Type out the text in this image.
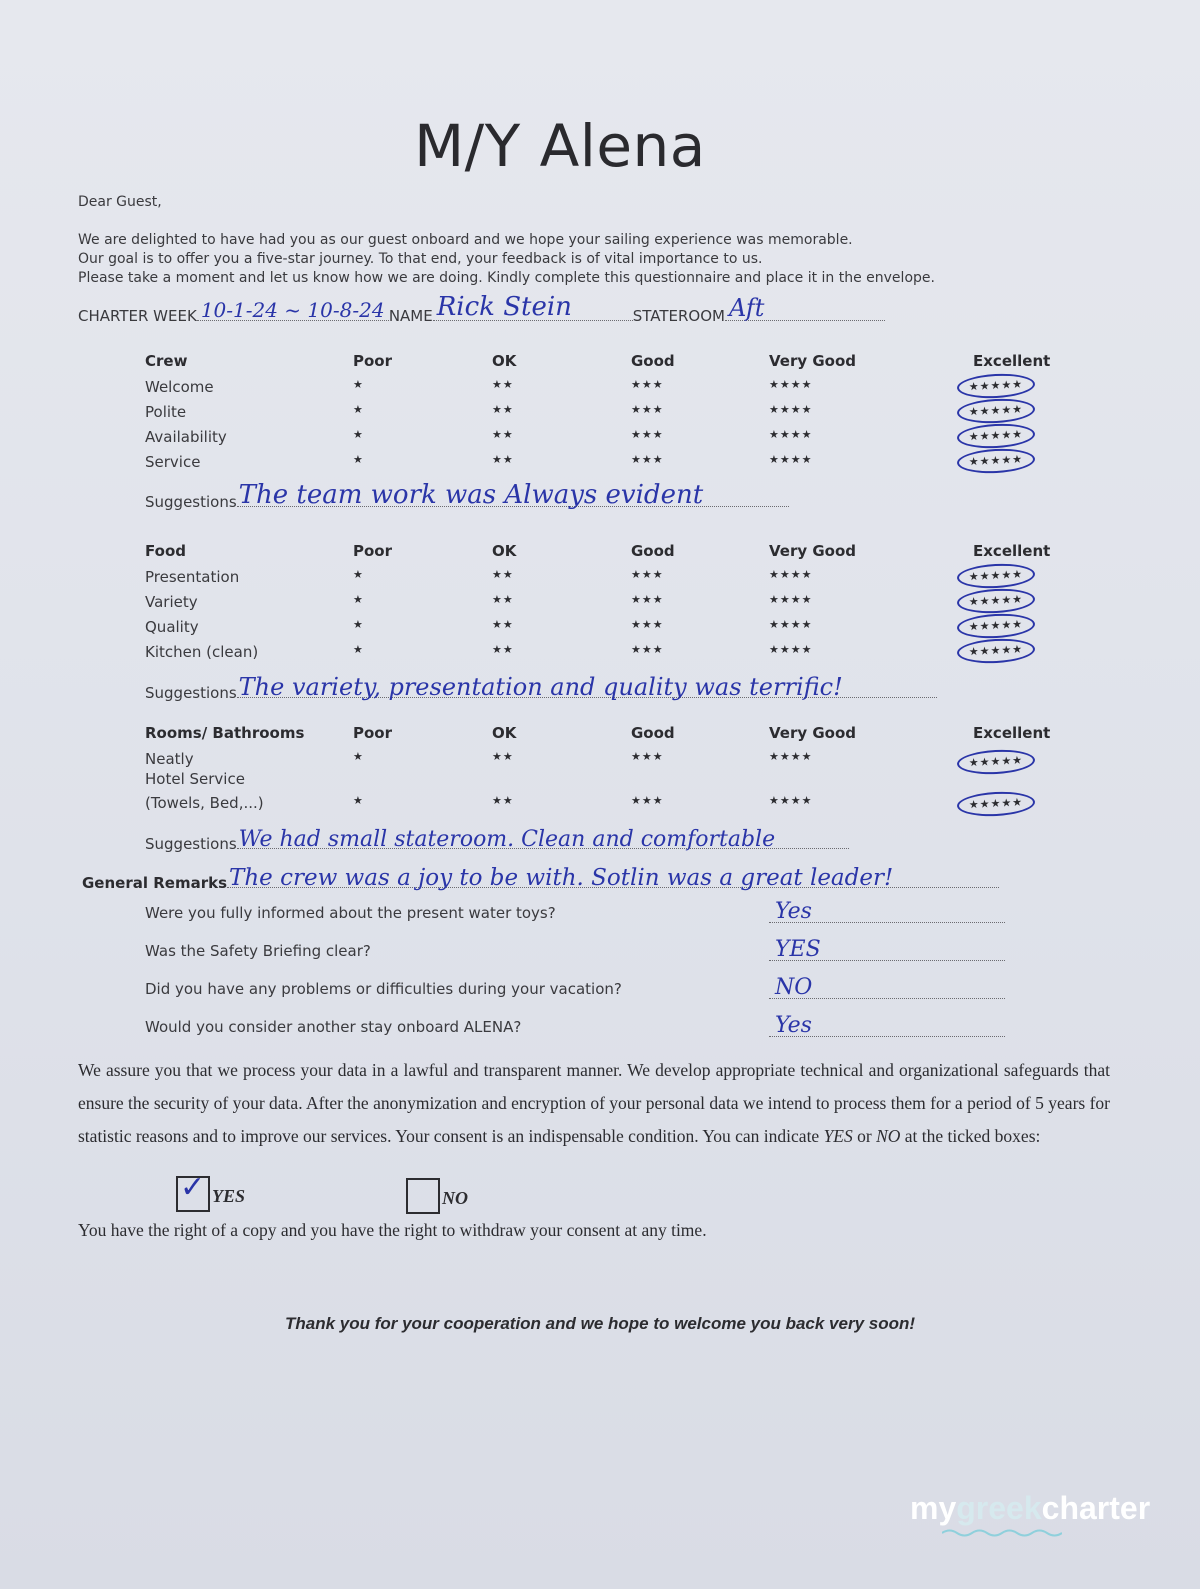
M/Y Alena
Dear Guest,
We are delighted to have had you as our guest onboard and we hope your sailing experience was memorable.
Our goal is to offer you a five-star journey. To that end, your feedback is of vital importance to us.
Please take a moment and let us know how we are doing. Kindly complete this questionnaire and place it in the envelope.
CHARTER WEEK 10-1-24 ~ 10-8-24 NAME Rick Stein	STATEROOM Aft
Crew	Poor	OK	Good	Very Good	Excellent
Welcome	★	★★	★★★	★★★★	★★★★★
Polite	★	★★	★★★	★★★★	★★★★★
Availability	★	★★	★★★	★★★★	★★★★★
Service	★	★★	★★★	★★★★	★★★★★
Suggestions The team work was Always evident
Food	Poor	OK	Good	Very Good	Excellent
Presentation	★	★★	★★★	★★★★	★★★★★
Variety	★	★★	★★★	★★★★	★★★★★
Quality	★	★★	★★★	★★★★	★★★★★
Kitchen (clean)	★	★★	★★★	★★★★	★★★★★
Suggestions The variety, presentation and quality was terrific!
Rooms/ Bathrooms	Poor	OK	Good	Very Good	Excellent
Neatly	★	★★	★★★	★★★★	★★★★★
Hotel Service
(Towels, Bed,...)	★	★★	★★★	★★★★	★★★★★
Suggestions We had small stateroom. Clean and comfortable
General Remarks The crew was a joy to be with. Sotlin was a great leader!
Were you fully informed about the present water toys?	Yes
Was the Safety Briefing clear?	YES
Did you have any problems or difficulties during your vacation?	NO
Would you consider another stay onboard ALENA?	Yes
We assure you that we process your data in a lawful and transparent manner. We develop appropriate technical and organizational safeguards that ensure the security of your data. After the anonymization and encryption of your personal data we intend to process them for a period of 5 years for statistic reasons and to improve our services. Your consent is an indispensable condition. You can indicate YES or NO at the ticked boxes:
✓ YES	NO
You have the right of a copy and you have the right to withdraw your consent at any time.
Thank you for your cooperation and we hope to welcome you back very soon!
mygreekcharter
